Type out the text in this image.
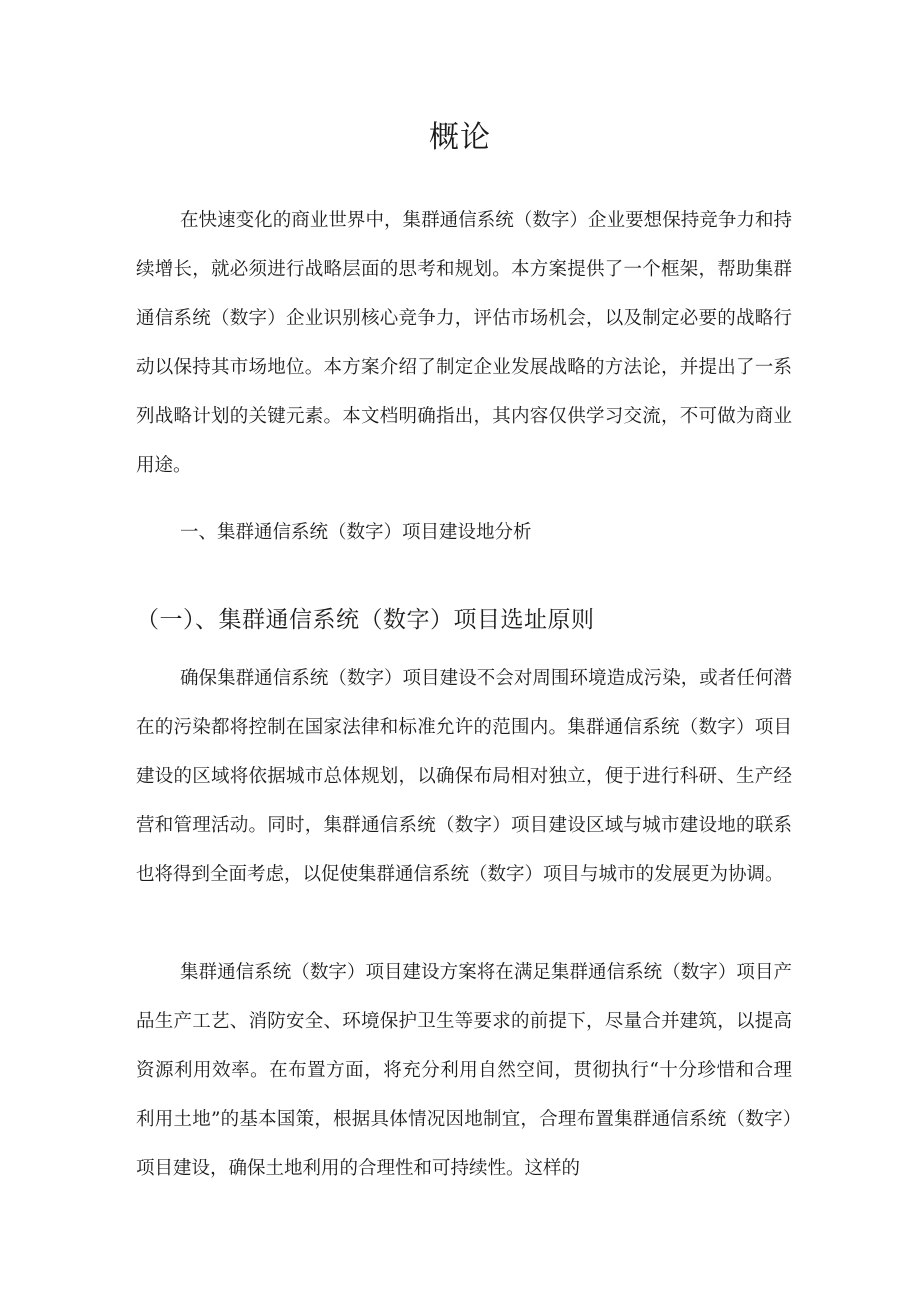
概论

在快速变化的商业世界中，集群通信系统（数字）企业要想保持竞争力和持续增长，就必须进行战略层面的思考和规划。本方案提供了一个框架，帮助集群通信系统（数字）企业识别核心竞争力，评估市场机会，以及制定必要的战略行动以保持其市场地位。本方案介绍了制定企业发展战略的方法论，并提出了一系列战略计划的关键元素。本文档明确指出，其内容仅供学习交流，不可做为商业用途。

一、集群通信系统（数字）项目建设地分析

（一）、集群通信系统（数字）项目选址原则

确保集群通信系统（数字）项目建设不会对周围环境造成污染，或者任何潜在的污染都将控制在国家法律和标准允许的范围内。集群通信系统（数字）项目建设的区域将依据城市总体规划，以确保布局相对独立，便于进行科研、生产经营和管理活动。同时，集群通信系统（数字）项目建设区域与城市建设地的联系也将得到全面考虑，以促使集群通信系统（数字）项目与城市的发展更为协调。

集群通信系统（数字）项目建设方案将在满足集群通信系统（数字）项目产品生产工艺、消防安全、环境保护卫生等要求的前提下，尽量合并建筑，以提高资源利用效率。在布置方面，将充分利用自然空间，贯彻执行“十分珍惜和合理利用土地”的基本国策，根据具体情况因地制宜，合理布置集群通信系统（数字）项目建设，确保土地利用的合理性和可持续性。这样的
